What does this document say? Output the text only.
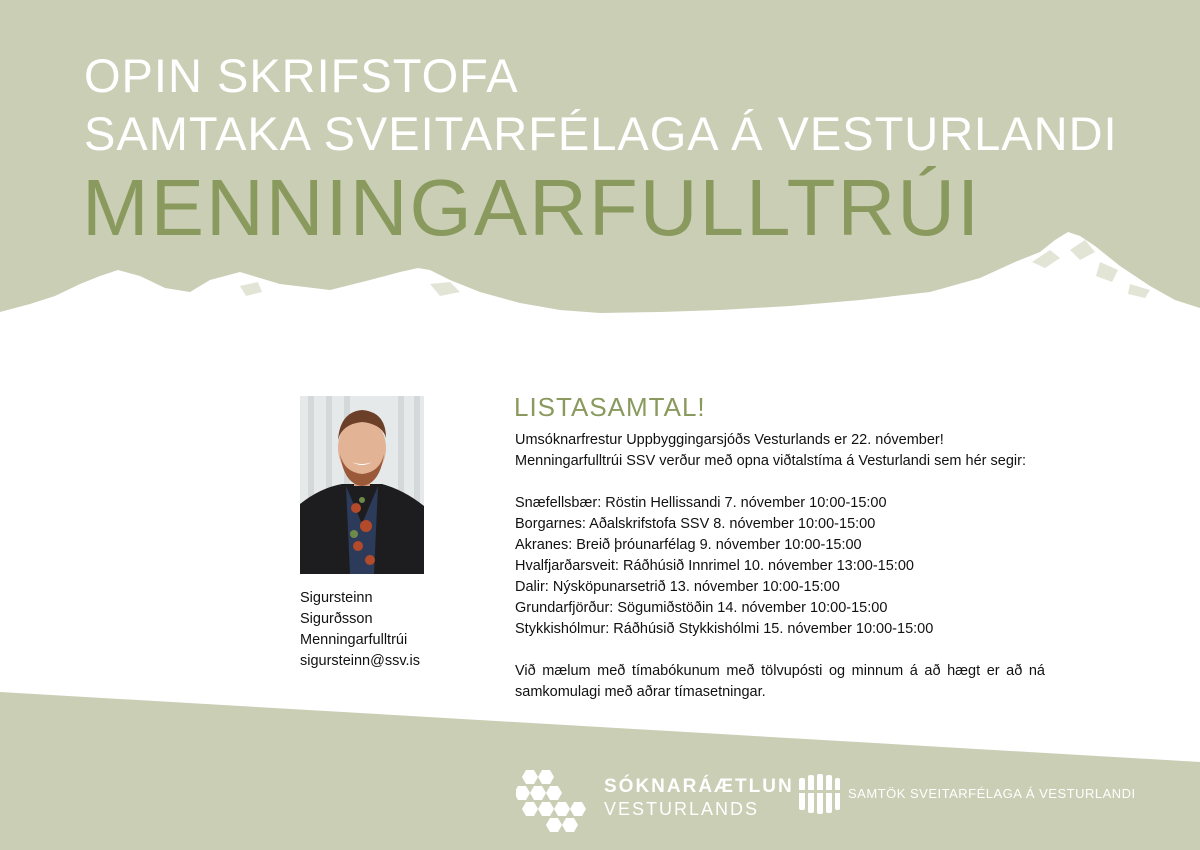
OPIN SKRIFSTOFA
SAMTAKA SVEITARFÉLAGA Á VESTURLANDI
MENNINGARFULLTRÚI
Sigursteinn
Sigurðsson
Menningarfulltrúi
sigursteinn@ssv.is
LISTASAMTAL!

Umsóknarfrestur Uppbyggingarsjóðs Vesturlands er 22. nóvember!

Menningarfulltrúi SSV verður með opna viðtalstíma á Vesturlandi sem hér segir:

Snæfellsbær: Röstin Hellissandi 7. nóvember 10:00-15:00

Borgarnes: Aðalskrifstofa SSV 8. nóvember 10:00-15:00

Akranes: Breið þróunarfélag 9. nóvember 10:00-15:00

Hvalfjarðarsveit: Ráðhúsið Innrimel 10. nóvember 13:00-15:00

Dalir: Nýsköpunarsetrið 13. nóvember 10:00-15:00

Grundarfjörður: Sögumiðstöðin 14. nóvember 10:00-15:00

Stykkishólmur: Ráðhúsið Stykkishólmi 15. nóvember 10:00-15:00

Við mælum með tímabókunum með tölvupósti og minnum á að hægt er að ná samkomulagi með aðrar tímasetningar.

SÓKNARÁÆTLUN
VESTURLANDS
SAMTÖK SVEITARFÉLAGA Á VESTURLANDI
